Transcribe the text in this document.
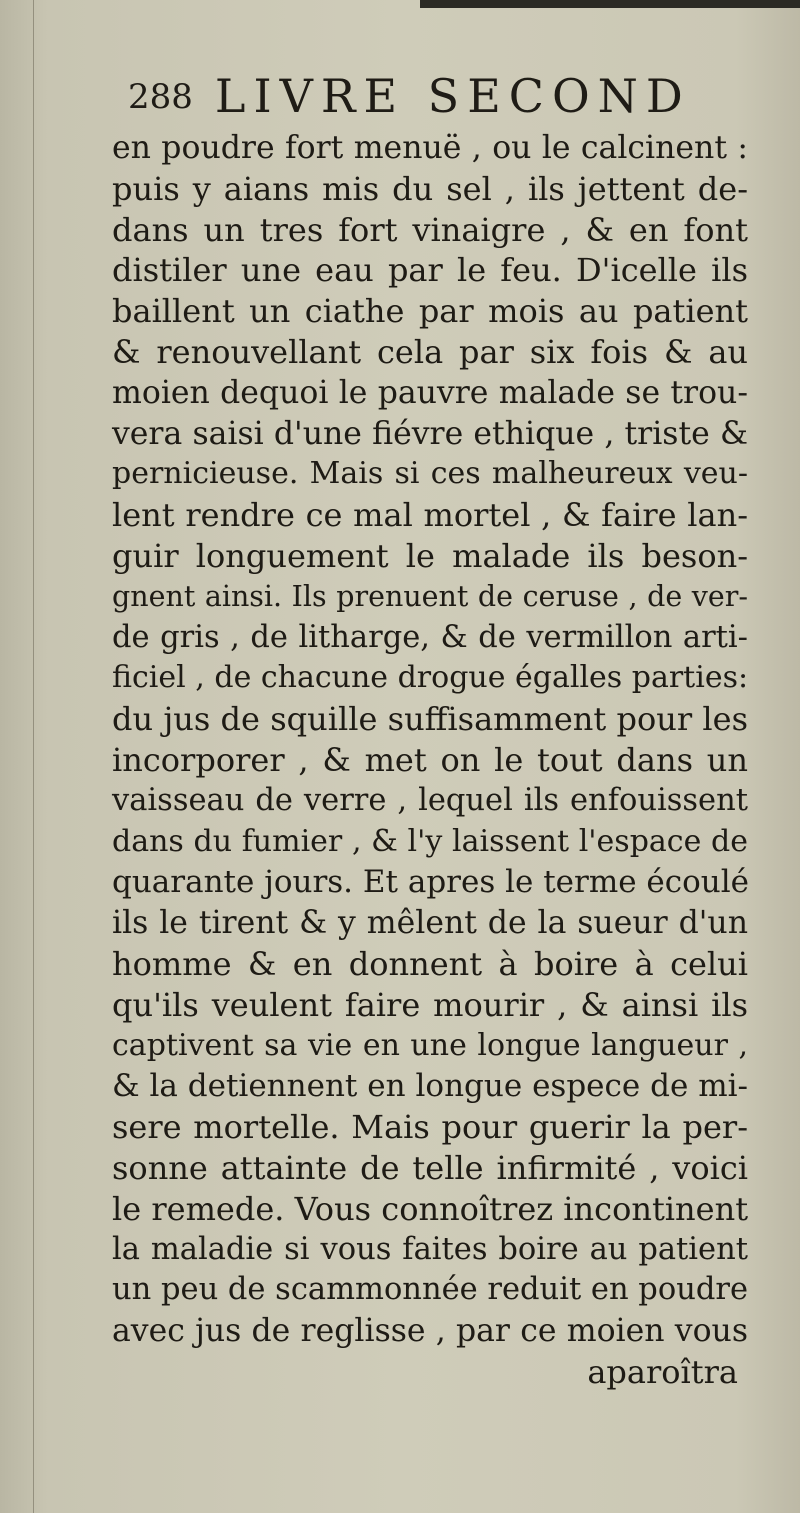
288 LIVRE SECOND
en poudre fort menuë , ou le calcinent :
puis y aians mis du sel , ils jettent de-
dans un tres fort vinaigre , & en font
distiler une eau par le feu. D'icelle ils
baillent un ciathe par mois au patient
& renouvellant cela par six fois & au
moien dequoi le pauvre malade se trou-
vera saisi d'une fiévre ethique , triste &
pernicieuse. Mais si ces malheureux veu-
lent rendre ce mal mortel , & faire lan-
guir longuement le malade ils beson-
gnent ainsi. Ils prenuent de ceruse , de ver-
de gris , de litharge, & de vermillon arti-
ficiel , de chacune drogue égalles parties:
du jus de squille suffisamment pour les
incorporer , & met on le tout dans un
vaisseau de verre , lequel ils enfouissent
dans du fumier , & l'y laissent l'espace de
quarante jours. Et apres le terme écoulé
ils le tirent & y mêlent de la sueur d'un
homme & en donnent à boire à celui
qu'ils veulent faire mourir , & ainsi ils
captivent sa vie en une longue langueur ,
& la detiennent en longue espece de mi-
sere mortelle. Mais pour guerir la per-
sonne attainte de telle infirmité , voici
le remede. Vous connoîtrez incontinent
la maladie si vous faites boire au patient
un peu de scammonnée reduit en poudre
avec jus de reglisse , par ce moien vous
aparoîtra
